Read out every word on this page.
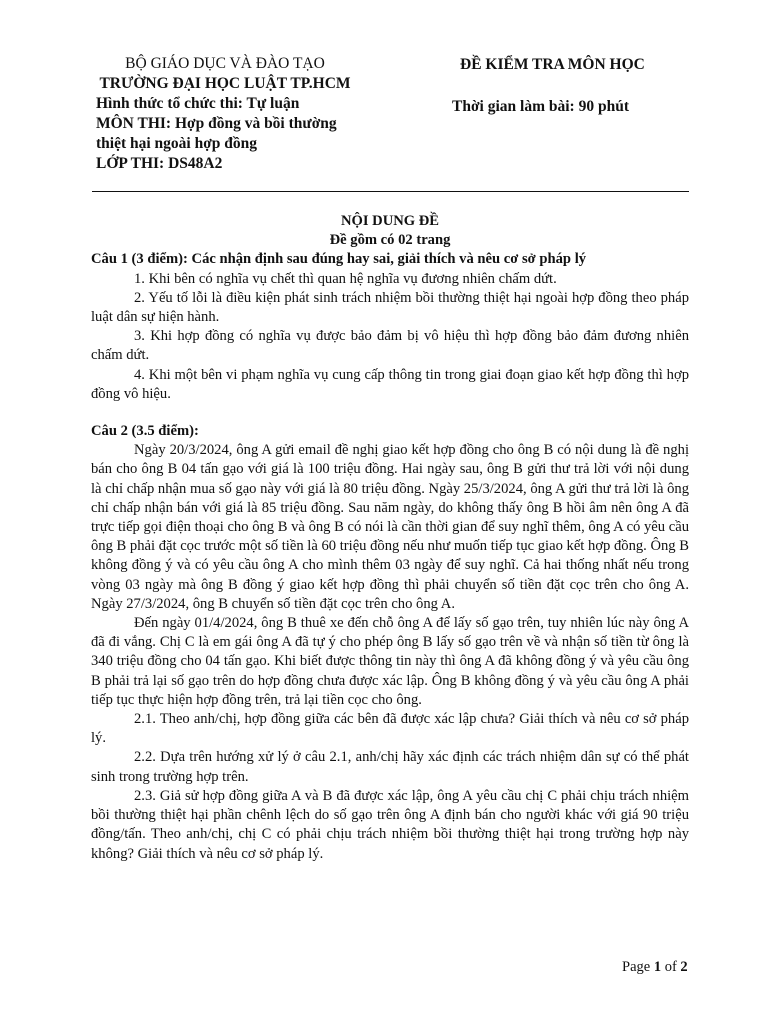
BỘ GIÁO DỤC VÀ ĐÀO TẠO
TRƯỜNG ĐẠI HỌC LUẬT TP.HCM
Hình thức tổ chức thi: Tự luận
MÔN THI: Hợp đồng và bồi thường
thiệt hại ngoài hợp đồng
LỚP THI: DS48A2
ĐỀ KIỂM TRA MÔN HỌC
Thời gian làm bài: 90 phút

NỘI DUNG ĐỀ

Đề gồm có 02 trang

Câu 1 (3 điểm): Các nhận định sau đúng hay sai, giải thích và nêu cơ sở pháp lý

1. Khi bên có nghĩa vụ chết thì quan hệ nghĩa vụ đương nhiên chấm dứt.

2. Yếu tố lỗi là điều kiện phát sinh trách nhiệm bồi thường thiệt hại ngoài hợp đồng theo pháp luật dân sự hiện hành.

3. Khi hợp đồng có nghĩa vụ được bảo đảm bị vô hiệu thì hợp đồng bảo đảm đương nhiên chấm dứt.

4. Khi một bên vi phạm nghĩa vụ cung cấp thông tin trong giai đoạn giao kết hợp đồng thì hợp đồng vô hiệu.

Câu 2 (3.5 điểm):

Ngày 20/3/2024, ông A gửi email đề nghị giao kết hợp đồng cho ông B có nội dung là đề nghị bán cho ông B 04 tấn gạo với giá là 100 triệu đồng. Hai ngày sau, ông B gửi thư trả lời với nội dung là chỉ chấp nhận mua số gạo này với giá là 80 triệu đồng. Ngày 25/3/2024, ông A gửi thư trả lời là ông chỉ chấp nhận bán với giá là 85 triệu đồng. Sau năm ngày, do không thấy ông B hồi âm nên ông A đã trực tiếp gọi điện thoại cho ông B và ông B có nói là cần thời gian để suy nghĩ thêm, ông A có yêu cầu ông B phải đặt cọc trước một số tiền là 60 triệu đồng nếu như muốn tiếp tục giao kết hợp đồng. Ông B không đồng ý và có yêu cầu ông A cho mình thêm 03 ngày để suy nghĩ. Cả hai thống nhất nếu trong vòng 03 ngày mà ông B đồng ý giao kết hợp đồng thì phải chuyển số tiền đặt cọc trên cho ông A. Ngày 27/3/2024, ông B chuyển số tiền đặt cọc trên cho ông A.

Đến ngày 01/4/2024, ông B thuê xe đến chỗ ông A để lấy số gạo trên, tuy nhiên lúc này ông A đã đi vắng. Chị C là em gái ông A đã tự ý cho phép ông B lấy số gạo trên về và nhận số tiền từ ông là 340 triệu đồng cho 04 tấn gạo. Khi biết được thông tin này thì ông A đã không đồng ý và yêu cầu ông B phải trả lại số gạo trên do hợp đồng chưa được xác lập. Ông B không đồng ý và yêu cầu ông A phải tiếp tục thực hiện hợp đồng trên, trả lại tiền cọc cho ông.

2.1. Theo anh/chị, hợp đồng giữa các bên đã được xác lập chưa? Giải thích và nêu cơ sở pháp lý.

2.2. Dựa trên hướng xử lý ở câu 2.1, anh/chị hãy xác định các trách nhiệm dân sự có thể phát sinh trong trường hợp trên.

2.3. Giả sử hợp đồng giữa A và B đã được xác lập, ông A yêu cầu chị C phải chịu trách nhiệm bồi thường thiệt hại phần chênh lệch do số gạo trên ông A định bán cho người khác với giá 90 triệu đồng/tấn. Theo anh/chị, chị C có phải chịu trách nhiệm bồi thường thiệt hại trong trường hợp này không? Giải thích và nêu cơ sở pháp lý.

Page 1 of 2
